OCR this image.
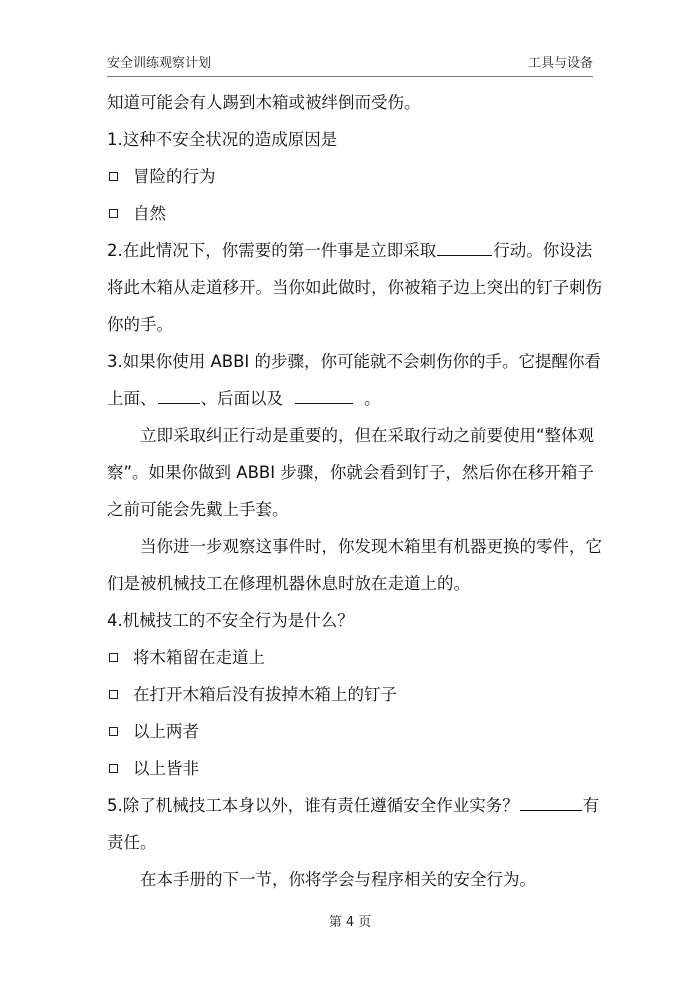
安全训练观察计划	工具与设备
知道可能会有人踢到木箱或被绊倒而受伤。
1.这种不安全状况的造成原因是
冒险的行为
自然
2.在此情况下，你需要的第一件事是立即采取	行动。你设法
将此木箱从走道移开。当你如此做时，你被箱子边上突出的钉子刺伤
你的手。
3.如果你使用 ABBI 的步骤，你可能就不会刺伤你的手。它提醒你看
上面、	、后面以及	。
立即采取纠正行动是重要的，但在采取行动之前要使用“整体观
察”。如果你做到 ABBI 步骤，你就会看到钉子，然后你在移开箱子
之前可能会先戴上手套。
当你进一步观察这事件时，你发现木箱里有机器更换的零件，它
们是被机械技工在修理机器休息时放在走道上的。
4.机械技工的不安全行为是什么？
将木箱留在走道上
在打开木箱后没有拔掉木箱上的钉子
以上两者
以上皆非
5.除了机械技工本身以外，谁有责任遵循安全作业实务？	有
责任。
在本手册的下一节，你将学会与程序相关的安全行为。
第 4 页
